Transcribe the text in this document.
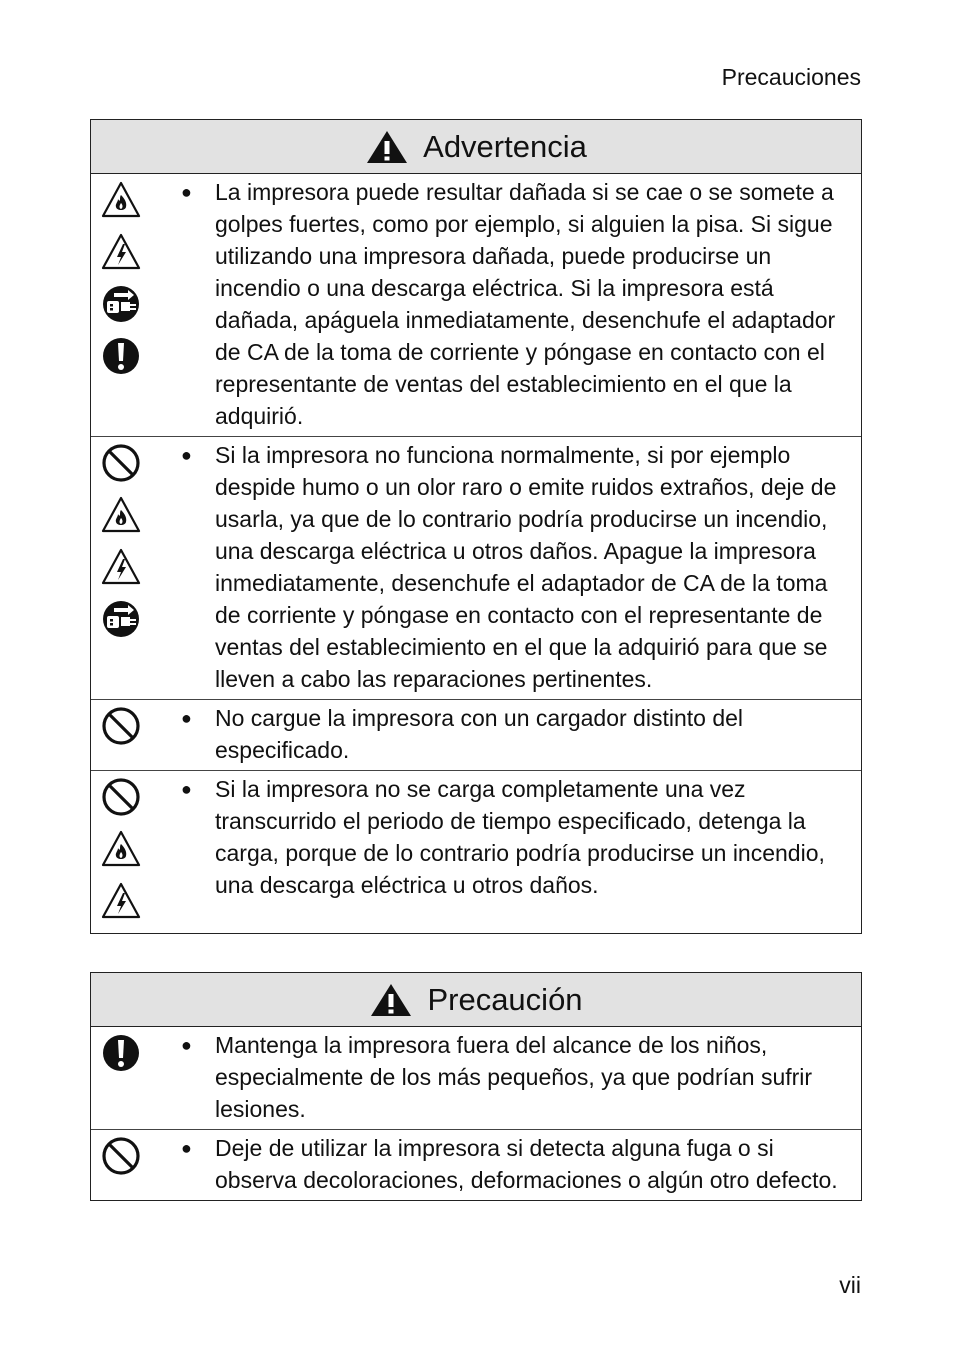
Precauciones
Advertencia
●	La impresora puede resultar dañada si se cae o se somete a golpes fuertes, como por ejemplo, si alguien la pisa. Si sigue utilizando una impresora dañada, puede producirse un incendio o una descarga eléctrica. Si la impresora está dañada, apáguela inmediatamente, desenchufe el adaptador de CA de la toma de corriente y póngase en contacto con el representante de ventas del establecimiento en el que la adquirió.
●	Si la impresora no funciona normalmente, si por ejemplo despide humo o un olor raro o emite ruidos extraños, deje de usarla, ya que de lo contrario podría producirse un incendio, una descarga eléctrica u otros daños. Apague la impresora inmediatamente, desenchufe el adaptador de CA de la toma de corriente y póngase en contacto con el representante de ventas del establecimiento en el que la adquirió para que se lleven a cabo las reparaciones pertinentes.
●	No cargue la impresora con un cargador distinto del especificado.
●	Si la impresora no se carga completamente una vez transcurrido el periodo de tiempo especificado, detenga la carga, porque de lo contrario podría producirse un incendio, una descarga eléctrica u otros daños.
Precaución
●	Mantenga la impresora fuera del alcance de los niños, especialmente de los más pequeños, ya que podrían sufrir lesiones.
●	Deje de utilizar la impresora si detecta alguna fuga o si observa decoloraciones, deformaciones o algún otro defecto.
vii
